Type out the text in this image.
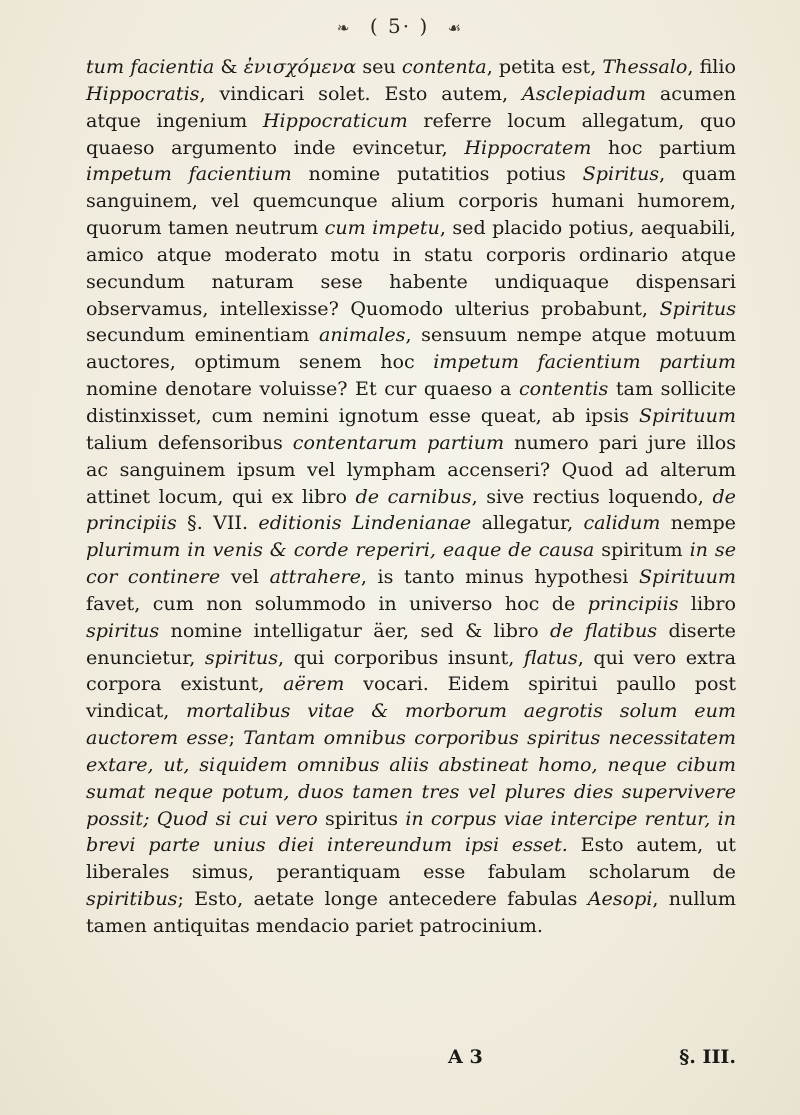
❧ ( 5· ) ☙

tum facientia & ἐνισχόμενα seu contenta, petita est, Thessalo, filio Hippocratis, vindicari solet. Esto autem, Asclepiadum acumen atque ingenium Hippocraticum referre locum allegatum, quo quaeso argumento inde evincetur, Hippocratem hoc partium impetum facientium nomine putatitios potius Spiritus, quam sanguinem, vel quemcunque alium corporis humani humorem, quorum tamen neutrum cum impetu, sed placido potius, aequabili, amico atque moderato motu in statu corporis ordinario atque secundum naturam sese habente undiquaque dispensari observamus, intellexisse? Quomodo ulterius probabunt, Spiritus secundum eminentiam animales, sensuum nempe atque motuum auctores, optimum senem hoc impetum facientium partium nomine denotare voluisse? Et cur quaeso a contentis tam sollicite distinxisset, cum nemini ignotum esse queat, ab ipsis Spirituum talium defensoribus contentarum partium numero pari jure illos ac sanguinem ipsum vel lympham accenseri? Quod ad alterum attinet locum, qui ex libro de carnibus, sive rectius loquendo, de principiis §. VII. editionis Lindenianae allegatur, calidum nempe plurimum in venis & corde reperiri, eaque de causa spiritum in se cor continere vel attrahere, is tanto minus hypothesi Spirituum favet, cum non solummodo in universo hoc de principiis libro spiritus nomine intelligatur äer, sed & libro de flatibus diserte enuncietur, spiritus, qui corporibus insunt, flatus, qui vero extra corpora existunt, aërem vocari. Eidem spiritui paullo post vindicat, mortalibus vitae & morborum aegrotis solum eum auctorem esse; Tantam omnibus corporibus spiritus necessitatem extare, ut, siquidem omnibus aliis abstineat homo, neque cibum sumat neque potum, duos tamen tres vel plures dies supervivere possit; Quod si cui vero spiritus in corpus viae intercipe rentur, in brevi parte unius diei intereundum ipsi esset. Esto autem, ut liberales simus, perantiquam esse fabulam scholarum de spiritibus; Esto, aetate longe antecedere fabulas Aesopi, nullum tamen antiquitas mendacio pariet patrocinium.

A 3	§. III.
